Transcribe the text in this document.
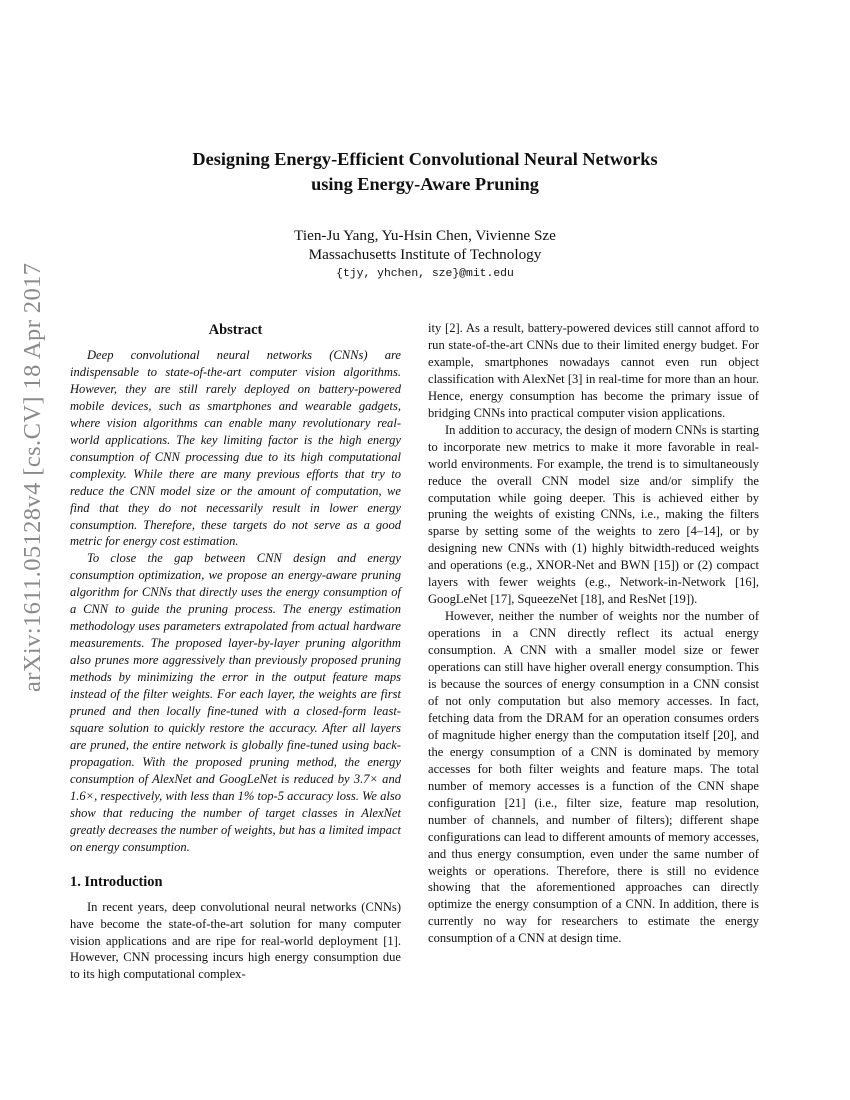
arXiv:1611.05128v4 [cs.CV] 18 Apr 2017
Designing Energy-Efficient Convolutional Neural Networks
using Energy-Aware Pruning
Tien-Ju Yang, Yu-Hsin Chen, Vivienne Sze
Massachusetts Institute of Technology
{tjy, yhchen, sze}@mit.edu
Abstract

Deep convolutional neural networks (CNNs) are indispensable to state-of-the-art computer vision algorithms. However, they are still rarely deployed on battery-powered mobile devices, such as smartphones and wearable gadgets, where vision algorithms can enable many revolutionary real-world applications. The key limiting factor is the high energy consumption of CNN processing due to its high computational complexity. While there are many previous efforts that try to reduce the CNN model size or the amount of computation, we find that they do not necessarily result in lower energy consumption. Therefore, these targets do not serve as a good metric for energy cost estimation.

To close the gap between CNN design and energy consumption optimization, we propose an energy-aware pruning algorithm for CNNs that directly uses the energy consumption of a CNN to guide the pruning process. The energy estimation methodology uses parameters extrapolated from actual hardware measurements. The proposed layer-by-layer pruning algorithm also prunes more aggressively than previously proposed pruning methods by minimizing the error in the output feature maps instead of the filter weights. For each layer, the weights are first pruned and then locally fine-tuned with a closed-form least-square solution to quickly restore the accuracy. After all layers are pruned, the entire network is globally fine-tuned using back-propagation. With the proposed pruning method, the energy consumption of AlexNet and GoogLeNet is reduced by 3.7× and 1.6×, respectively, with less than 1% top-5 accuracy loss. We also show that reducing the number of target classes in AlexNet greatly decreases the number of weights, but has a limited impact on energy consumption.

1. Introduction

In recent years, deep convolutional neural networks (CNNs) have become the state-of-the-art solution for many computer vision applications and are ripe for real-world deployment [1]. However, CNN processing incurs high energy consumption due to its high computational complex-

ity [2]. As a result, battery-powered devices still cannot afford to run state-of-the-art CNNs due to their limited energy budget. For example, smartphones nowadays cannot even run object classification with AlexNet [3] in real-time for more than an hour. Hence, energy consumption has become the primary issue of bridging CNNs into practical computer vision applications.

In addition to accuracy, the design of modern CNNs is starting to incorporate new metrics to make it more favorable in real-world environments. For example, the trend is to simultaneously reduce the overall CNN model size and/or simplify the computation while going deeper. This is achieved either by pruning the weights of existing CNNs, i.e., making the filters sparse by setting some of the weights to zero [4–14], or by designing new CNNs with (1) highly bitwidth-reduced weights and operations (e.g., XNOR-Net and BWN [15]) or (2) compact layers with fewer weights (e.g., Network-in-Network [16], GoogLeNet [17], SqueezeNet [18], and ResNet [19]).

However, neither the number of weights nor the number of operations in a CNN directly reflect its actual energy consumption. A CNN with a smaller model size or fewer operations can still have higher overall energy consumption. This is because the sources of energy consumption in a CNN consist of not only computation but also memory accesses. In fact, fetching data from the DRAM for an operation consumes orders of magnitude higher energy than the computation itself [20], and the energy consumption of a CNN is dominated by memory accesses for both filter weights and feature maps. The total number of memory accesses is a function of the CNN shape configuration [21] (i.e., filter size, feature map resolution, number of channels, and number of filters); different shape configurations can lead to different amounts of memory accesses, and thus energy consumption, even under the same number of weights or operations. Therefore, there is still no evidence showing that the aforementioned approaches can directly optimize the energy consumption of a CNN. In addition, there is currently no way for researchers to estimate the energy consumption of a CNN at design time.
